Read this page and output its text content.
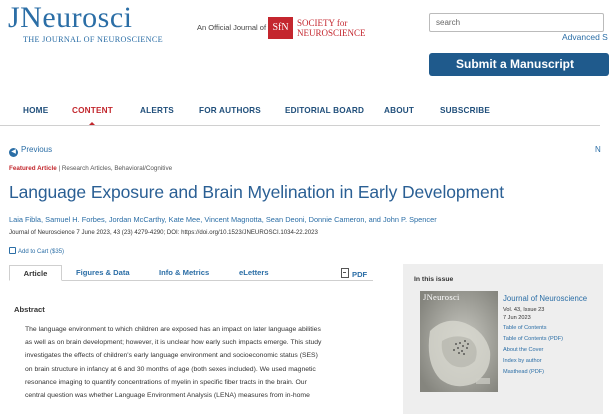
JNeurosci
THE JOURNAL OF NEUROSCIENCE
An Official Journal of SfN SOCIETY for
NEUROSCIENCE
search	Advanced S
Submit a Manuscript
HOME	CONTENT	ALERTS	FOR AUTHORS	EDITORIAL BOARD ABOUT	SUBSCRIBE
◀ Previous	N
Featured Article | Research Articles, Behavioral/Cognitive
Language Exposure and Brain Myelination in Early Development
Laia Fibla, Samuel H. Forbes, Jordan McCarthy, Kate Mee, Vincent Magnotta, Sean Deoni, Donnie Cameron, and John P. Spencer
Journal of Neuroscience 7 June 2023, 43 (23) 4279-4290; DOI: https://doi.org/10.1523/JNEUROSCI.1034-22.2023
Add to Cart ($35)
Article	Figures & Data	Info & Metrics	eLetters	PDF
Abstract
The language environment to which children are exposed has an impact on later language abilities
as well as on brain development; however, it is unclear how early such impacts emerge. This study
investigates the effects of children's early language environment and socioeconomic status (SES)
on brain structure in infancy at 6 and 30 months of age (both sexes included). We used magnetic
resonance imaging to quantify concentrations of myelin in specific fiber tracts in the brain. Our
central question was whether Language Environment Analysis (LENA) measures from in-home
In this issue
JNeurosci	Journal of Neuroscience
Vol. 43, Issue 23
7 Jun 2023
Table of Contents
Table of Contents (PDF)
About the Cover
Index by author
Masthead (PDF)
